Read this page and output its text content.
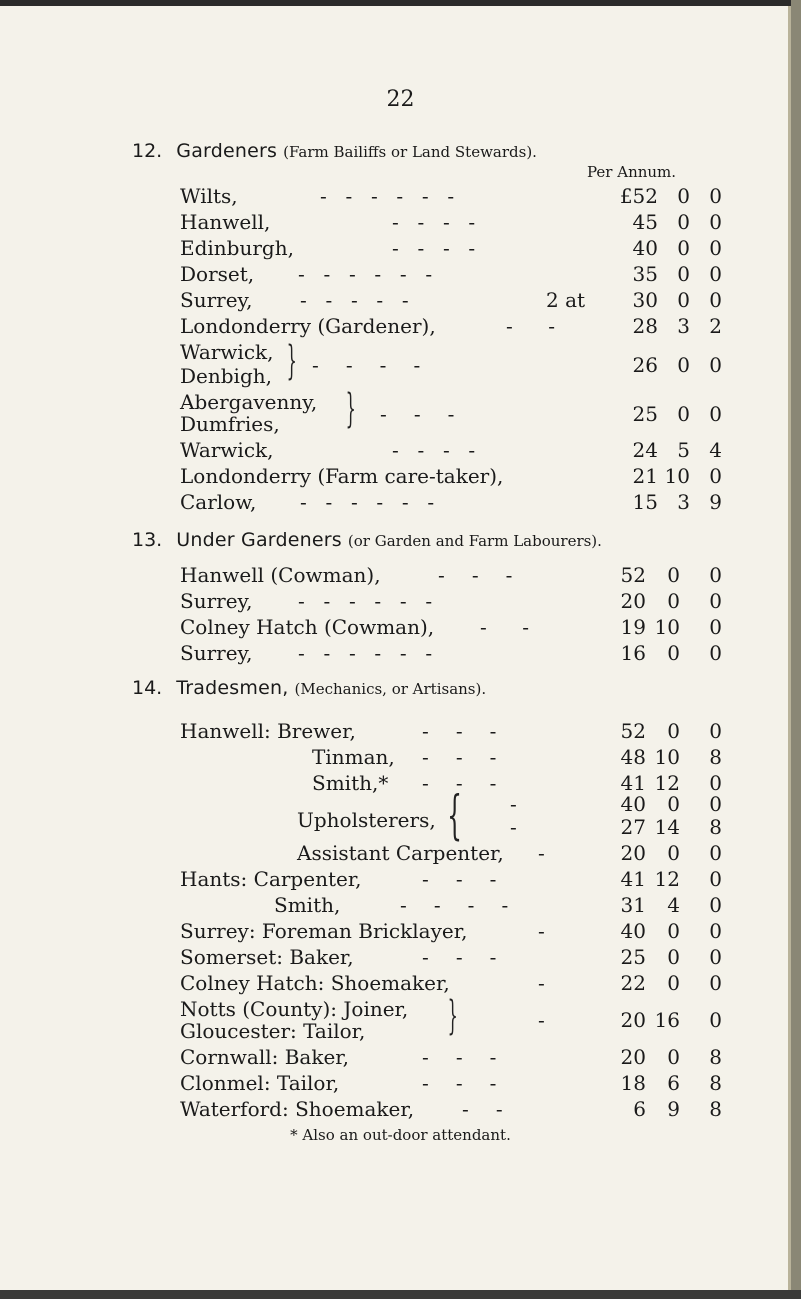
22
12. Gardeners (Farm Bailiffs or Land Stewards).
Per Annum.
Wilts,	-  -  -  -  -  -	£52 0 0
Hanwell,	-  -  -  -	45 0 0
Edinburgh,	-  -  -  -	40 0 0
Dorset, -  -  -  -  -  -	35 0 0
Surrey, -  -  -  -  -	2 at	30 0 0
Londonderry (Gardener),	-    -	28 3 2
Warwick,
Denbigh, } -   -   -   -	26 0 0
Abergavenny,
Dumfries, } -   -   -	25 0 0
Warwick,	-  -  -  -	24 5 4
Londonderry (Farm care-taker),	21 10 0
Carlow, -  -  -  -  -  -	15 3 9
13. Under Gardeners (or Garden and Farm Labourers).
Hanwell (Cowman),	-   -   -	52	0	0
Surrey, -  -  -  -  -  -	20	0	0
Colney Hatch (Cowman), -    -	19 10	0
Surrey, -  -  -  -  -  -	16	0	0
14. Tradesmen, (Mechanics, or Artisans).
Hanwell: Brewer,	-   -   -	52	0	0
Tinman, -   -   -	48 10	8
Smith,* -   -   -	41 12	0
Upholsterers, { -	40	0	0
-	27 14	8
Assistant Carpenter, -	20	0	0
Hants: Carpenter,	-   -   -	41 12	0
Smith,	-   -   -   -	31	4	0
Surrey: Foreman Bricklayer,	-	40	0	0
Somerset: Baker,	-   -   -	25	0	0
Colney Hatch: Shoemaker,	-	22	0	0
Notts (County): Joiner,
Gloucester: Tailor, }	-	20 16	0
Cornwall: Baker,	-   -   -	20	0	8
Clonmel: Tailor,	-   -   -	18	6	8
Waterford: Shoemaker, -   -	6	9	8
* Also an out-door attendant.
